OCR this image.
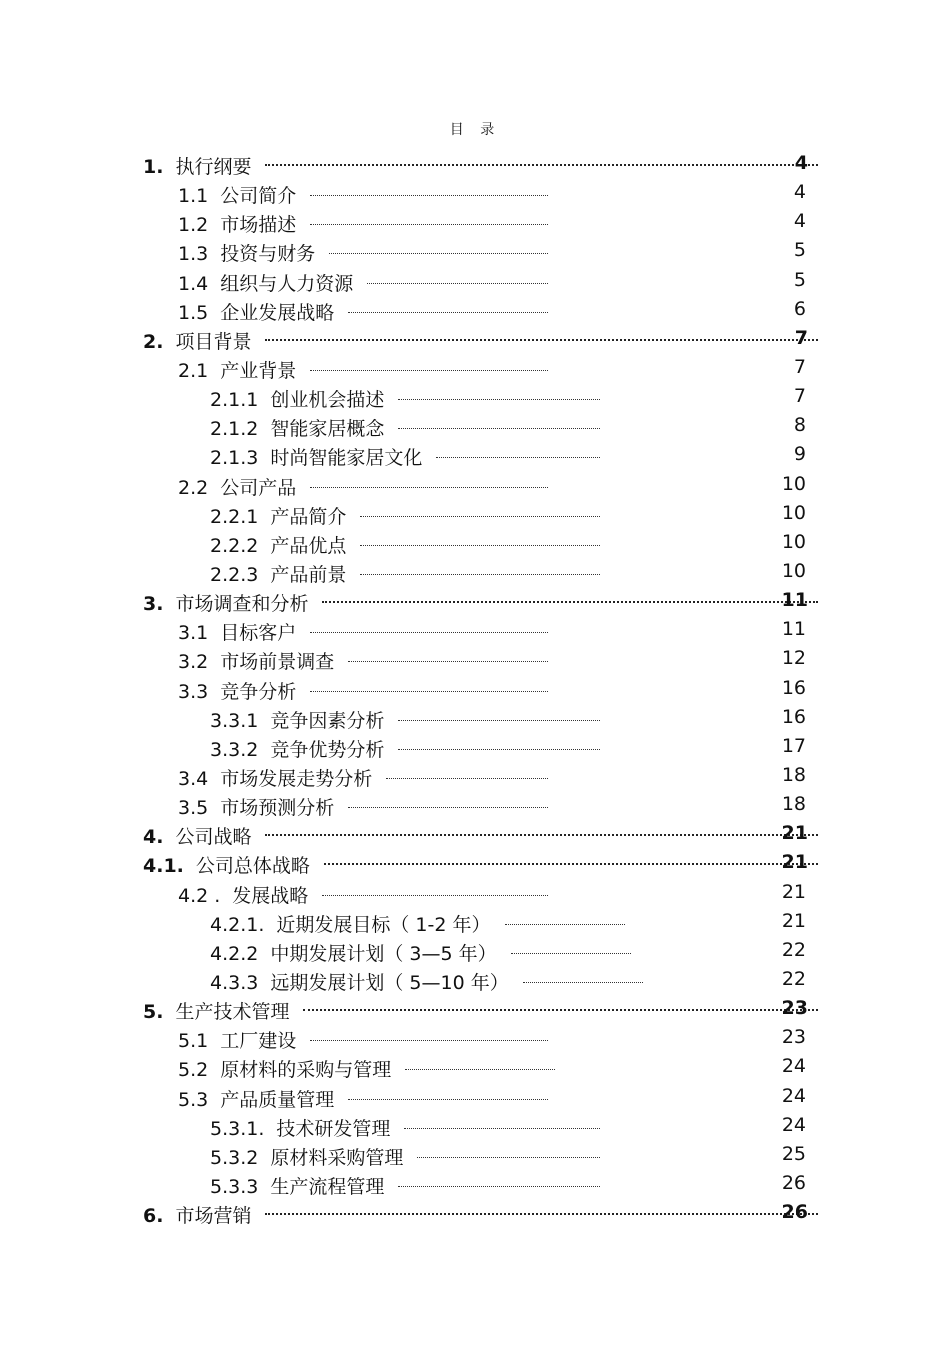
目 录
1. 执行纲要	4
1.1 公司简介	4
1.2 市场描述	4
1.3 投资与财务	5
1.4 组织与人力资源	5
1.5 企业发展战略	6
2. 项目背景	7
2.1 产业背景	7
2.1.1 创业机会描述	7
2.1.2 智能家居概念	8
2.1.3 时尚智能家居文化	9
2.2 公司产品	10
2.2.1 产品简介	10
2.2.2 产品优点	10
2.2.3 产品前景	10
3. 市场调查和分析	11
3.1 目标客户	11
3.2 市场前景调查	12
3.3 竞争分析	16
3.3.1 竞争因素分析	16
3.3.2 竞争优势分析	17
3.4 市场发展走势分析	18
3.5 市场预测分析	18
4. 公司战略	21
4.1. 公司总体战略	21
4.2 . 发展战略	21
4.2.1. 近期发展目标（ 1-2 年）	21
4.2.2 中期发展计划（ 3—5 年）	22
4.3.3 远期发展计划（ 5—10 年）	22
5. 生产技术管理	23
5.1 工厂建设	23
5.2 原材料的采购与管理	24
5.3 产品质量管理	24
5.3.1. 技术研发管理	24
5.3.2 原材料采购管理	25
5.3.3 生产流程管理	26
6. 市场营销	26
